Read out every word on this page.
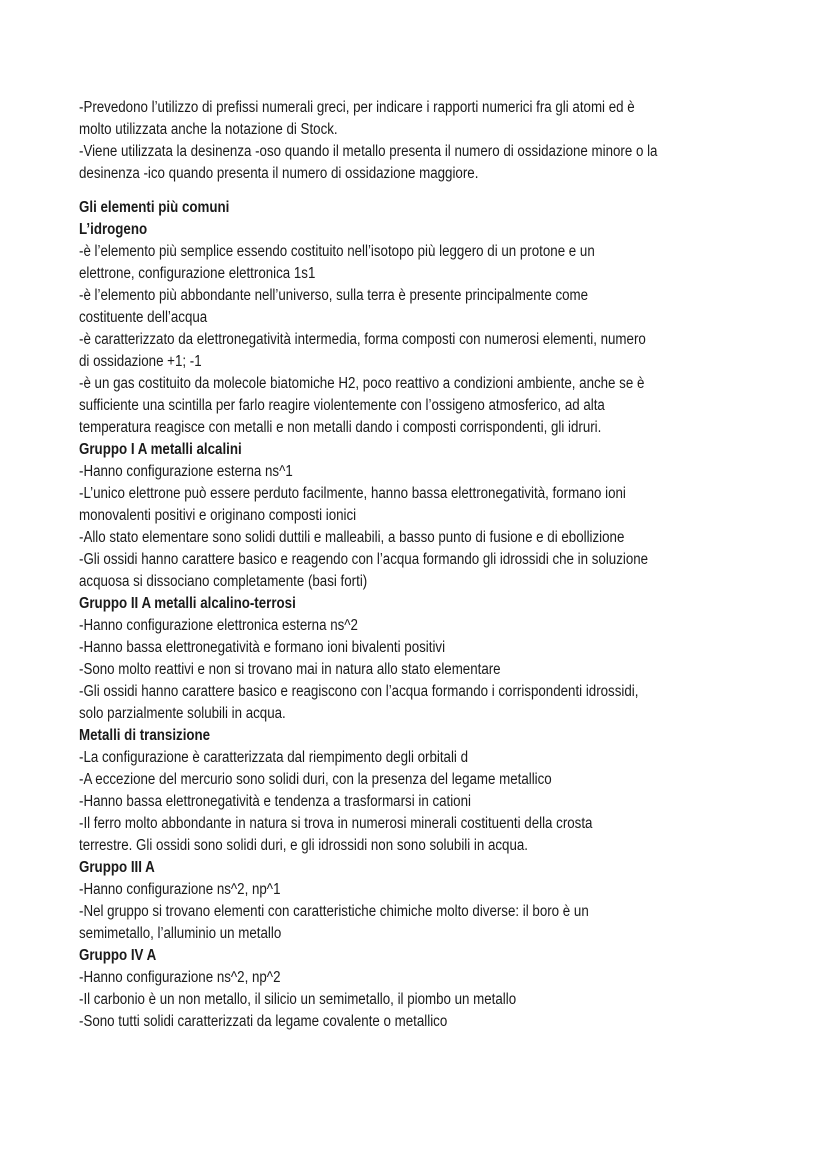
-Prevedono l’utilizzo di prefissi numerali greci, per indicare i rapporti numerici fra gli atomi ed è
molto utilizzata anche la notazione di Stock.
-Viene utilizzata la desinenza -oso quando il metallo presenta il numero di ossidazione minore o la
desinenza -ico quando presenta il numero di ossidazione maggiore.
Gli elementi più comuni
L’idrogeno
-è l’elemento più semplice essendo costituito nell’isotopo più leggero di un protone e un
elettrone, configurazione elettronica 1s1
-è l’elemento più abbondante nell’universo, sulla terra è presente principalmente come
costituente dell’acqua
-è caratterizzato da elettronegatività intermedia, forma composti con numerosi elementi, numero
di ossidazione +1; -1
-è un gas costituito da molecole biatomiche H2, poco reattivo a condizioni ambiente, anche se è
sufficiente una scintilla per farlo reagire violentemente con l’ossigeno atmosferico, ad alta
temperatura reagisce con metalli e non metalli dando i composti corrispondenti, gli idruri.
Gruppo I A metalli alcalini
-Hanno configurazione esterna ns^1
-L’unico elettrone può essere perduto facilmente, hanno bassa elettronegatività, formano ioni
monovalenti positivi e originano composti ionici
-Allo stato elementare sono solidi duttili e malleabili, a basso punto di fusione e di ebollizione
-Gli ossidi hanno carattere basico e reagendo con l’acqua formando gli idrossidi che in soluzione
acquosa si dissociano completamente (basi forti)
Gruppo II A metalli alcalino-terrosi
-Hanno configurazione elettronica esterna ns^2
-Hanno bassa elettronegatività e formano ioni bivalenti positivi
-Sono molto reattivi e non si trovano mai in natura allo stato elementare
-Gli ossidi hanno carattere basico e reagiscono con l’acqua formando i corrispondenti idrossidi,
solo parzialmente solubili in acqua.
Metalli di transizione
-La configurazione è caratterizzata dal riempimento degli orbitali d
-A eccezione del mercurio sono solidi duri, con la presenza del legame metallico
-Hanno bassa elettronegatività e tendenza a trasformarsi in cationi
-Il ferro molto abbondante in natura si trova in numerosi minerali costituenti della crosta
terrestre. Gli ossidi sono solidi duri, e gli idrossidi non sono solubili in acqua.
Gruppo III A
-Hanno configurazione ns^2, np^1
-Nel gruppo si trovano elementi con caratteristiche chimiche molto diverse: il boro è un
semimetallo, l’alluminio un metallo
Gruppo IV A
-Hanno configurazione ns^2, np^2
-Il carbonio è un non metallo, il silicio un semimetallo, il piombo un metallo
-Sono tutti solidi caratterizzati da legame covalente o metallico
